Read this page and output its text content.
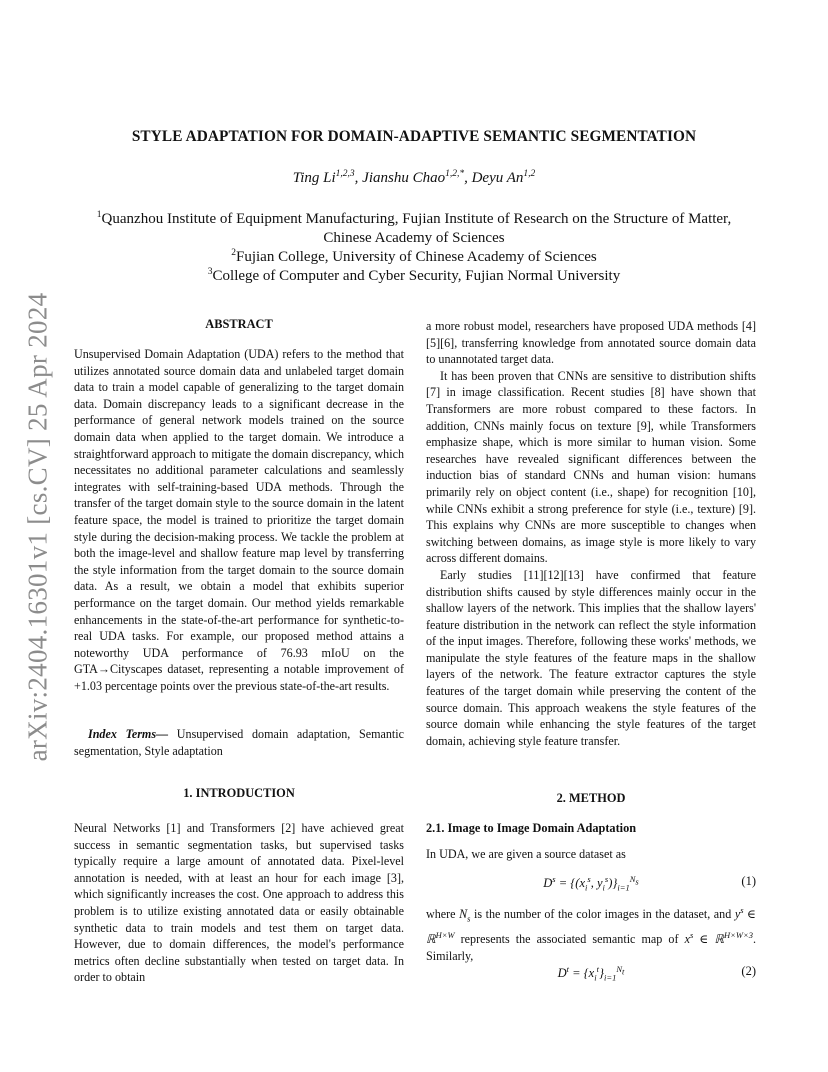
arXiv:2404.16301v1 [cs.CV] 25 Apr 2024
STYLE ADAPTATION FOR DOMAIN-ADAPTIVE SEMANTIC SEGMENTATION
Ting Li$^{1,2,3}$, Jianshu Chao$^{1,2,*}$, Deyu An$^{1,2}$
$^1$Quanzhou Institute of Equipment Manufacturing, Fujian Institute of Research on the Structure of Matter, Chinese Academy of Sciences
$^2$Fujian College, University of Chinese Academy of Sciences
$^3$College of Computer and Cyber Security, Fujian Normal University
ABSTRACT

Unsupervised Domain Adaptation (UDA) refers to the method that utilizes annotated source domain data and unlabeled target domain data to train a model capable of generalizing to the target domain data. Domain discrepancy leads to a significant decrease in the performance of general network models trained on the source domain data when applied to the target domain. We introduce a straightforward approach to mitigate the domain discrepancy, which necessitates no additional parameter calculations and seamlessly integrates with self-training-based UDA methods. Through the transfer of the target domain style to the source domain in the latent feature space, the model is trained to prioritize the target domain style during the decision-making process. We tackle the problem at both the image-level and shallow feature map level by transferring the style information from the target domain to the source domain data. As a result, we obtain a model that exhibits superior performance on the target domain. Our method yields remarkable enhancements in the state-of-the-art performance for synthetic-to-real UDA tasks. For example, our proposed method attains a noteworthy UDA performance of 76.93 mIoU on the GTA→Cityscapes dataset, representing a notable improvement of +1.03 percentage points over the previous state-of-the-art results.

Index Terms— Unsupervised domain adaptation, Semantic segmentation, Style adaptation

1. INTRODUCTION

Neural Networks [1] and Transformers [2] have achieved great success in semantic segmentation tasks, but supervised tasks typically require a large amount of annotated data. Pixel-level annotation is needed, with at least an hour for each image [3], which significantly increases the cost. One approach to address this problem is to utilize existing annotated data or easily obtainable synthetic data to train models and test them on target data. However, due to domain differences, the model's performance metrics often decline substantially when tested on target data. In order to obtain

a more robust model, researchers have proposed UDA methods [4][5][6], transferring knowledge from annotated source domain data to unannotated target data.

It has been proven that CNNs are sensitive to distribution shifts [7] in image classification. Recent studies [8] have shown that Transformers are more robust compared to these factors. In addition, CNNs mainly focus on texture [9], while Transformers emphasize shape, which is more similar to human vision. Some researches have revealed significant differences between the induction bias of standard CNNs and human vision: humans primarily rely on object content (i.e., shape) for recognition [10], while CNNs exhibit a strong preference for style (i.e., texture) [9]. This explains why CNNs are more susceptible to changes when switching between domains, as image style is more likely to vary across different domains.

Early studies [11][12][13] have confirmed that feature distribution shifts caused by style differences mainly occur in the shallow layers of the network. This implies that the shallow layers' feature distribution in the network can reflect the style information of the input images. Therefore, following these works' methods, we manipulate the style features of the feature maps in the shallow layers of the network. The feature extractor captures the style features of the target domain while preserving the content of the source domain. This approach weakens the style features of the source domain while enhancing the style features of the target domain, achieving style feature transfer.

2. METHOD
2.1. Image to Image Domain Adaptation

In UDA, we are given a source dataset as

$D^s = \{(x_i^s$, $y_i^s)\}_{i=1}^{N_s}$	(1)

where $N_s$ is the number of the color images in the dataset, and $y^s$ ∈ ℝ$^{H\times W}$ represents the associated semantic map of $x^s$ ∈ ℝ$^{H\times W\times 3}$. Similarly,

$D^t = \{x_i^t\}_{i=1}^{N_t}$	(2)
